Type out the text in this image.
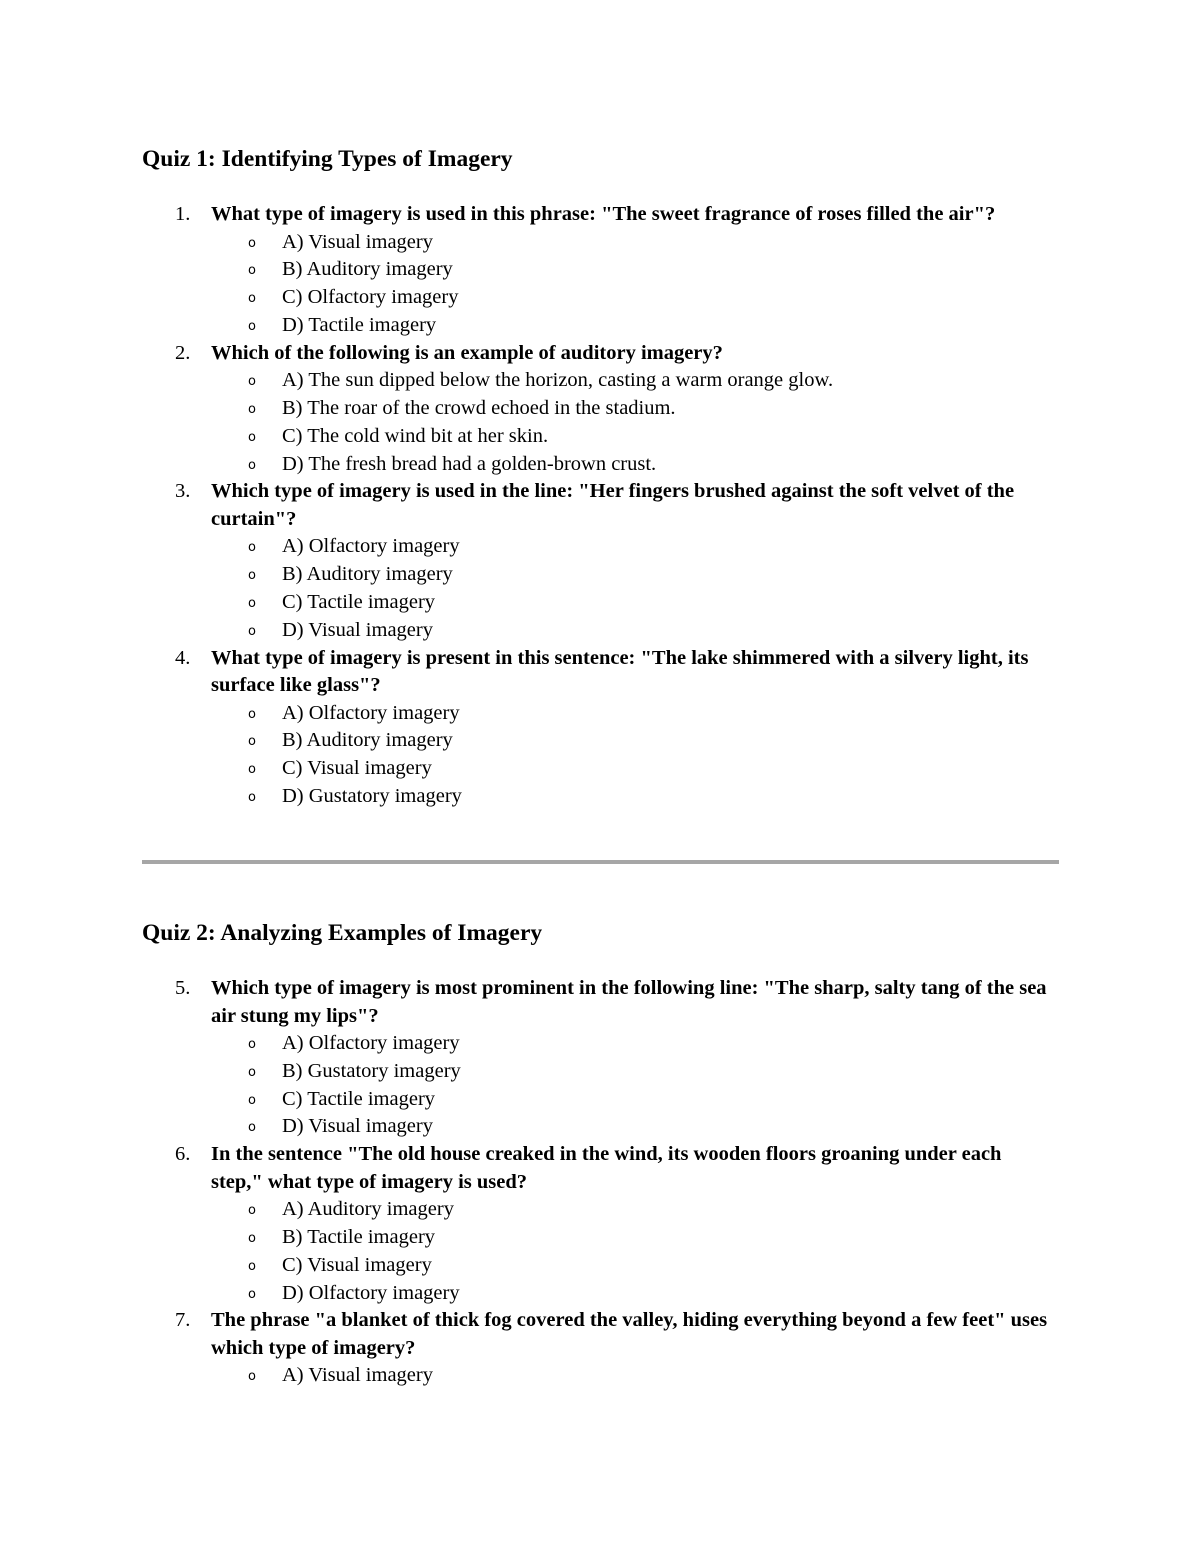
Quiz 1: Identifying Types of Imagery
1. What type of imagery is used in this phrase: "The sweet fragrance of roses filled the air"?
o A) Visual imagery
o B) Auditory imagery
o C) Olfactory imagery
o D) Tactile imagery
2. Which of the following is an example of auditory imagery?
o A) The sun dipped below the horizon, casting a warm orange glow.
o B) The roar of the crowd echoed in the stadium.
o C) The cold wind bit at her skin.
o D) The fresh bread had a golden-brown crust.
3. Which type of imagery is used in the line: "Her fingers brushed against the soft velvet of the curtain"?
o A) Olfactory imagery
o B) Auditory imagery
o C) Tactile imagery
o D) Visual imagery
4. What type of imagery is present in this sentence: "The lake shimmered with a silvery light, its surface like glass"?
o A) Olfactory imagery
o B) Auditory imagery
o C) Visual imagery
o D) Gustatory imagery
Quiz 2: Analyzing Examples of Imagery
5. Which type of imagery is most prominent in the following line: "The sharp, salty tang of the sea air stung my lips"?
o A) Olfactory imagery
o B) Gustatory imagery
o C) Tactile imagery
o D) Visual imagery
6. In the sentence "The old house creaked in the wind, its wooden floors groaning under each step," what type of imagery is used?
o A) Auditory imagery
o B) Tactile imagery
o C) Visual imagery
o D) Olfactory imagery
7. The phrase "a blanket of thick fog covered the valley, hiding everything beyond a few feet" uses which type of imagery?
o A) Visual imagery
